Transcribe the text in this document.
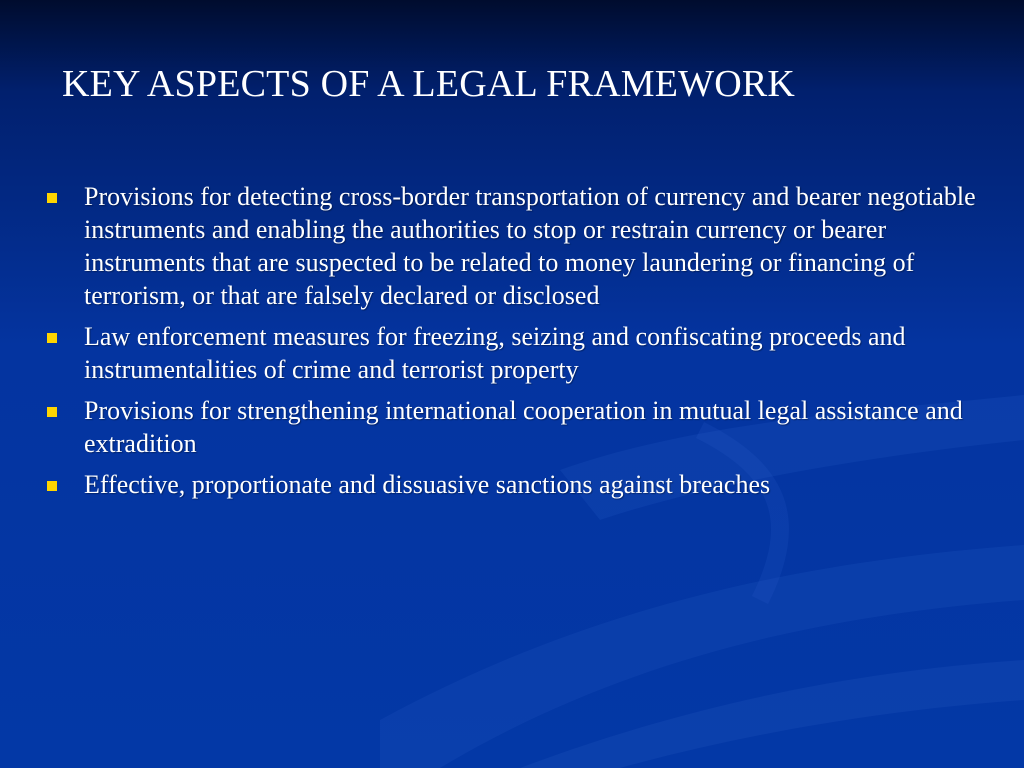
KEY ASPECTS OF A LEGAL FRAMEWORK
Provisions for detecting cross-border transportation of currency and bearer negotiable instruments and enabling the authorities to stop or restrain currency or bearer instruments that are suspected to be related to money laundering or financing of terrorism, or that are falsely declared or disclosed
Law enforcement measures for freezing, seizing and confiscating proceeds and instrumentalities of crime and terrorist property
Provisions for strengthening international cooperation in mutual legal assistance and extradition
Effective, proportionate and dissuasive sanctions against breaches
